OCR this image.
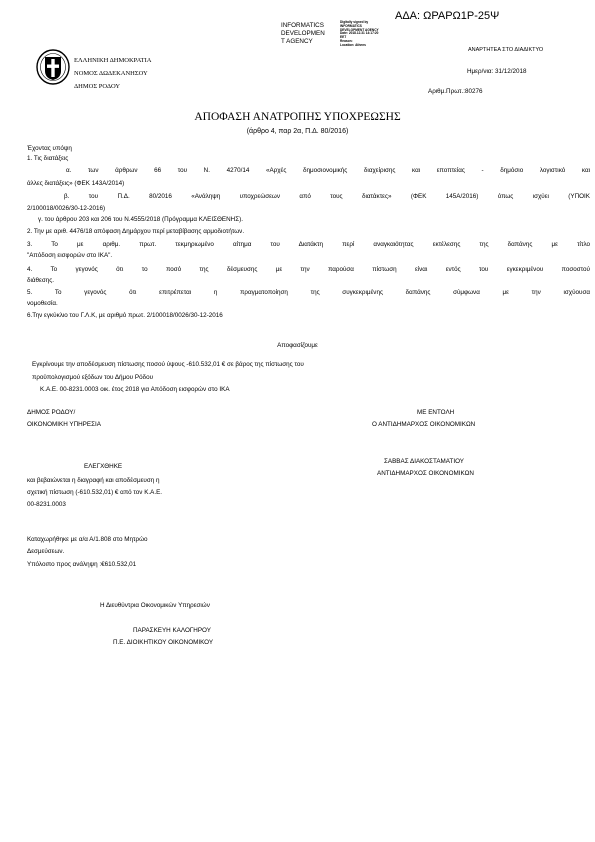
ΑΔΑ: ΩΡΑΡΩ1Ρ-25Ψ
INFORMATICS
DEVELOPMEN
T AGENCY
Digitally signed by
INFORMATICS
DEVELOPMENT AGENCY
Date: 2018.12.31 14:17:20
EET
Reason:
Location: Athens
ΕΛΛΗΝΙΚΗ ΔΗΜΟΚΡΑΤΙΑ
ΝΟΜΟΣ ΔΩΔΕΚΑΝΗΣΟΥ
ΔΗΜΟΣ ΡΟΔΟΥ
ΑΝΑΡΤΗΤΕΑ ΣΤΟ ΔΙΑΔΙΚΤΥΟ
Ημερ/νια: 31/12/2018
Αριθμ.Πρωτ.:80276
ΑΠΟΦΑΣΗ ΑΝΑΤΡΟΠΗΣ ΥΠΟΧΡΕΩΣΗΣ
(άρθρο 4, παρ 2α, Π.Δ. 80/2016)
Έχοντας υπόψη
1. Τις διατάξεις
α. των άρθρων 66 του Ν. 4270/14 «Αρχές δημοσιονομικής διαχείρισης και εποπτείας - δημόσιο λογιστικό και
άλλες διατάξεις» (ΦΕΚ 143Α/2014)
β. του Π.Δ. 80/2016 «Ανάληψη υποχρεώσεων από τους διατάκτες» (ΦΕΚ 145Α/2016) όπως ισχύει (ΥΠΟΙΚ
2/100018/0026/30-12-2016)
γ. του άρθρου 203 και 206 του Ν.4555/2018 (Πρόγραμμα ΚΛΕΙΣΘΕΝΗΣ).
2. Την με αριθ. 4476/18 απόφαση Δημάρχου περί μεταβίβασης αρμοδιοτήτων.
3. Το με αριθμ. πρωτ. τεκμηριωμένο αίτημα του Διατάκτη περί αναγκαιότητας εκτέλεσης της δαπάνης με τίτλο
"Απόδοση εισφορών στο ΙΚΑ".
4. Το γεγονός ότι το ποσό της δέσμευσης με την παρούσα πίστωση είναι εντός του εγκεκριμένου ποσοστού
διάθεσης.
5. Το γεγονός ότι επιτρέπεται η πραγματοποίηση της συγκεκριμένης δαπάνης σύμφωνα με την ισχύουσα
νομοθεσία.
6.Την εγκύκλιο του Γ.Λ.Κ, με αριθμό πρωτ. 2/100018/0026/30-12-2016
Αποφασίζουμε
Εγκρίνουμε την αποδέσμευση πίστωσης ποσού ύψους -610.532,01 € σε βάρος της πίστωσης του
προϋπολογισμού εξόδων του Δήμου Ρόδου
Κ.Α.Ε. 00-8231.0003 οικ. έτος 2018 για Απόδοση εισφορών στο ΙΚΑ
ΔΗΜΟΣ ΡΟΔΟΥ/
ΟΙΚΟΝΟΜΙΚΗ ΥΠΗΡΕΣΙΑ
ΜΕ ΕΝΤΟΛΗ
Ο ΑΝΤΙΔΗΜΑΡΧΟΣ ΟΙΚΟΝΟΜΙΚΩΝ
ΣΑΒΒΑΣ ΔΙΑΚΟΣΤΑΜΑΤΙΟΥ
ΑΝΤΙΔΗΜΑΡΧΟΣ ΟΙΚΟΝΟΜΙΚΩΝ
ΕΛΕΓΧΘΗΚΕ
και βεβαιώνεται η διαγραφή και αποδέσμευση η
σχετική πίστωση (-610.532,01) € από τον Κ.Α.Ε.
00-8231.0003
Καταχωρήθηκε με α/α Α/1.808 στο Μητρώο
Δεσμεύσεων.
Υπόλοιπο προς ανάληψη :€610.532,01
Η Διευθύντρια Οικονομικών Υπηρεσιών
ΠΑΡΑΣΚΕΥΗ ΚΑΛΟΓΗΡΟΥ
Π.Ε. ΔΙΟΙΚΗΤΙΚΟΥ ΟΙΚΟΝΟΜΙΚΟΥ
